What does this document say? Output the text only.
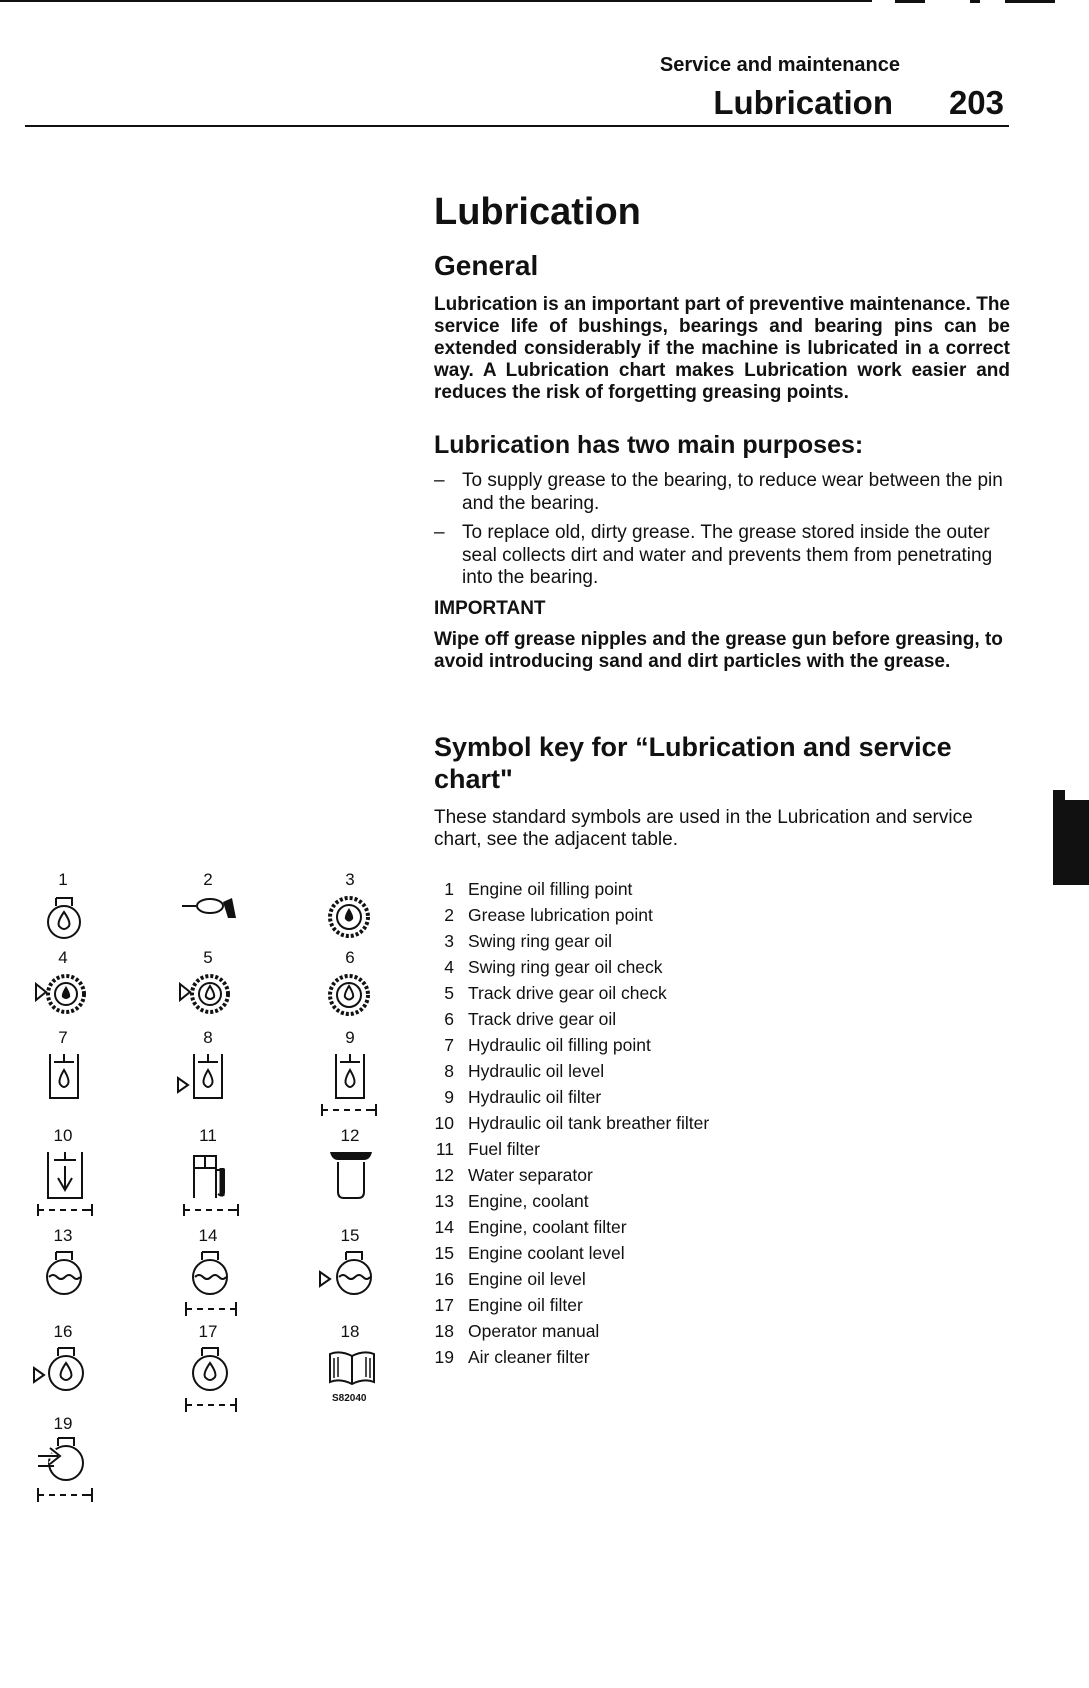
Service and maintenance
Lubrication	203
Lubrication
General

Lubrication is an important part of preventive maintenance. The service life of bushings, bearings and bearing pins can be extended considerably if the machine is lubricated in a correct way. A Lubrication chart makes Lubrication work easier and reduces the risk of forgetting greasing points.

Lubrication has two main purposes:
– To supply grease to the bearing, to reduce wear between the pin and the bearing.
– To replace old, dirty grease. The grease stored inside the outer seal collects dirt and water and prevents them from penetrating into the bearing.

IMPORTANT

Wipe off grease nipples and the grease gun before greasing, to avoid introducing sand and dirt particles with the grease.

Symbol key for “Lubrication and service chart"

These standard symbols are used in the Lubrication and service chart, see the adjacent table.

1 Engine oil filling point
2 Grease lubrication point
3 Swing ring gear oil
4 Swing ring gear oil check
5 Track drive gear oil check
6 Track drive gear oil
7 Hydraulic oil filling point
8 Hydraulic oil level
9 Hydraulic oil filter
10 Hydraulic oil tank breather filter
11 Fuel filter
12 Water separator
13 Engine, coolant
14 Engine, coolant filter
15 Engine coolant level
16 Engine oil level
17 Engine oil filter
18 Operator manual
19 Air cleaner filter
1	2	3
4	5	6
7	8	9
10	11	12
13	14	15
16	17	18
S82040
19
